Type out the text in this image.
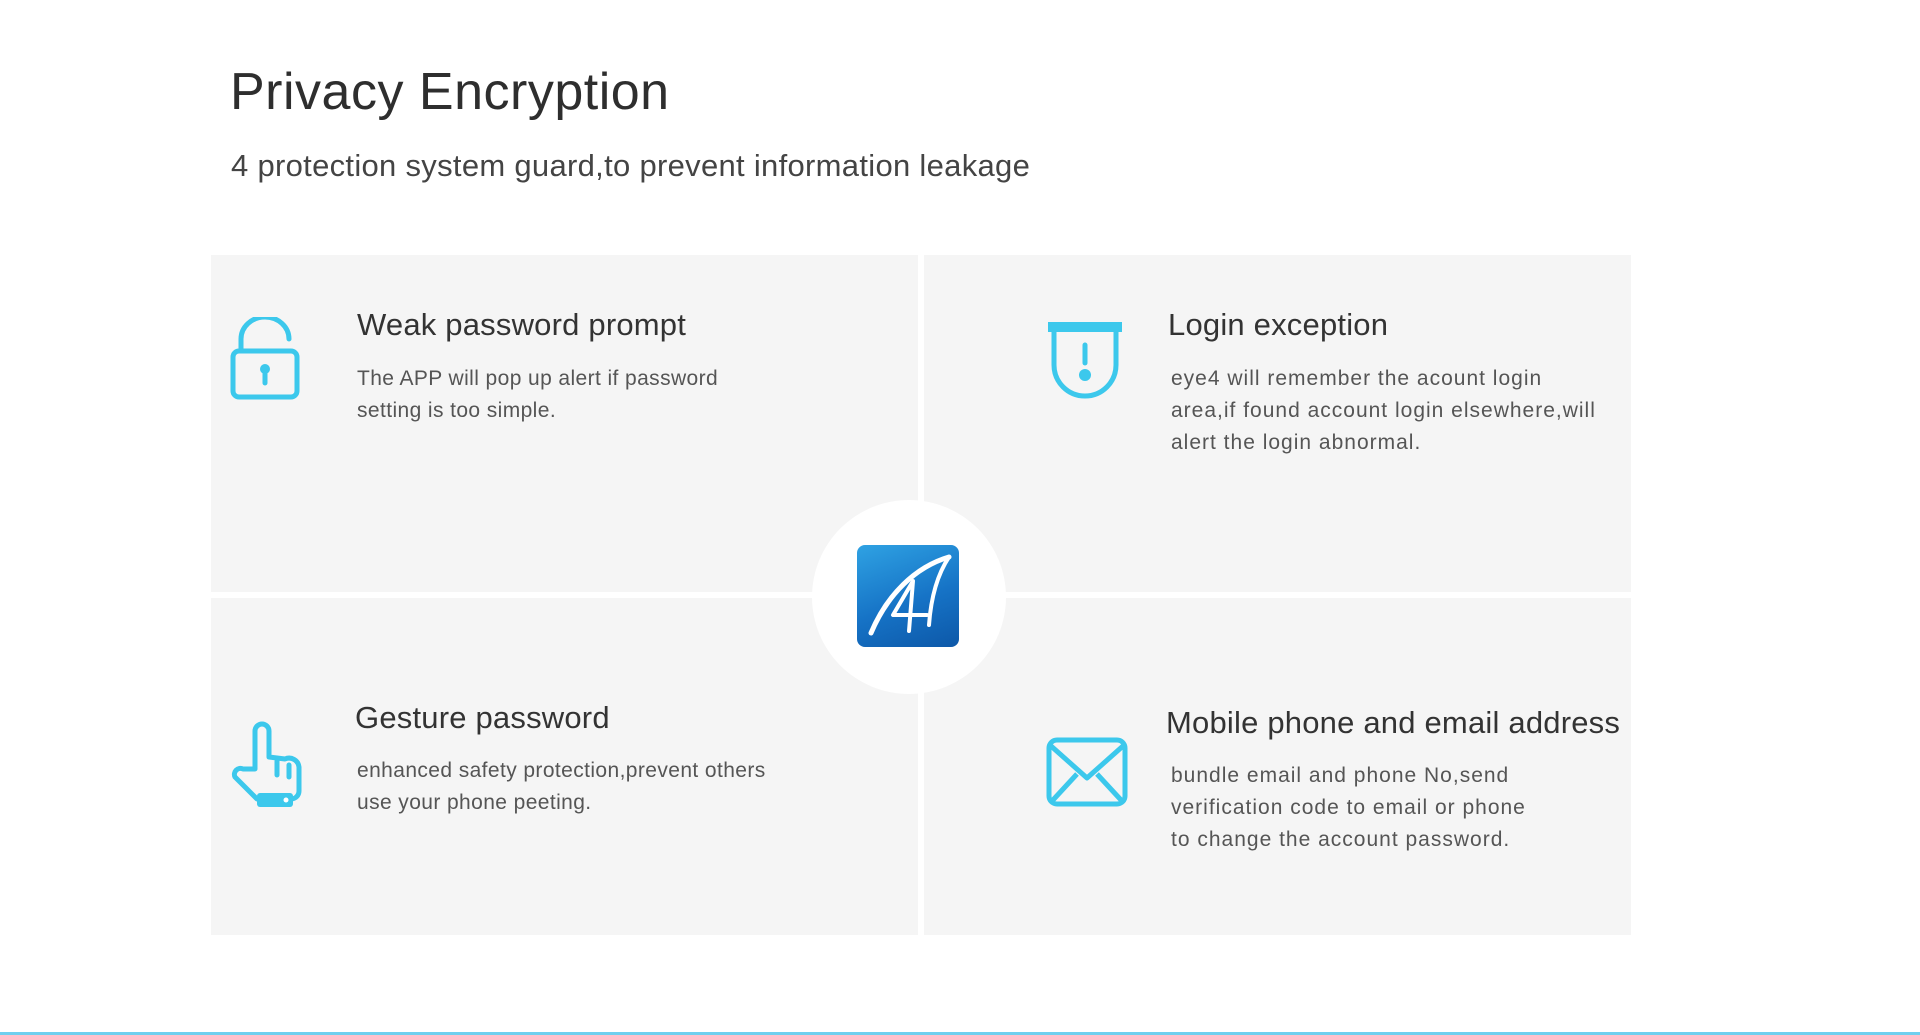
Privacy Encryption

4 protection system guard,to prevent information leakage

Weak password prompt
The APP will pop up alert if password
setting is too simple.
Login exception
eye4 will remember the acount login
area,if found account login elsewhere,will
alert the login abnormal.
Gesture password
enhanced safety protection,prevent others
use your phone peeting.
Mobile phone and email address
bundle email and phone No,send
verification code to email or phone
to change the account password.
